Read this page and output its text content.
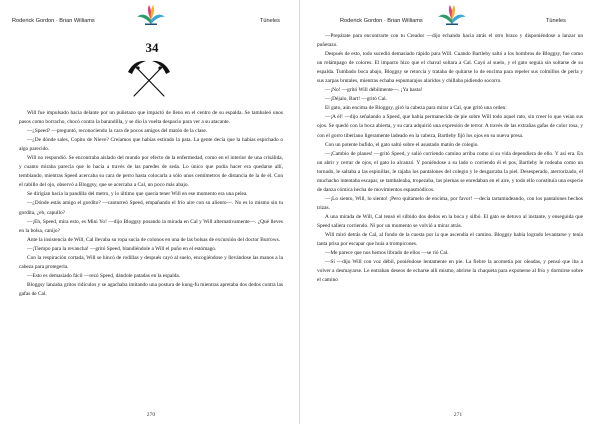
Roderick Gordon · Brian Williams	Túneles
34

Will fue impulsado hacia delante por un puñetazo que impactó de lleno en el centro de su espalda. Se tambaleó unos pasos como borracho, chocó contra la barandilla, y se dio la vuelta despacio para ver a su atacante.

—¿Speed? —preguntó, reconociendo la cara de pocos amigos del matón de la clase.

—¿De dónde sales, Copito de Nieve? Creíamos que habías estirado la pata. La gente decía que la habías espichado o algo parecido.

Will no respondió. Se encontraba aislado del mundo por efecto de la enfermedad, como en el interior de una crisálida, y cuanto miraba parecía que lo hacía a través de las paredes de seda. Lo único que podía hacer era quedarse allí, temblando, mientras Speed acercaba su cara de perro hasta colocarla a sólo unos centímetros de distancia de la de él. Con el rabillo del ojo, observó a Bloggsy, que se acercaba a Cal, un poco más abajo.

Se dirigían hacia la pandilla del metro, y lo último que quería tener Will en ese momento era una pelea.

—¿Dónde estás amigo el gordito? —canturreó Speed, empañando el frío aire con su aliento—. No es lo mismo sin tu gordita, ¿eh, capullo?

—¡Eh, Speed, mira esto, es Mini Yo! —dijo Bloggsy posando la mirada en Cal y Will alternativamente—. ¿Qué lleves en la bolsa, canijo?

Ante la insistencia de Will, Cal llevaba su ropa sucia de colonos en una de las bolsas de excursión del doctor Burrows.

—¡Tiempo para la revancha! —gritó Speed, blandiéndole a Will el puño en el estómago.

Con la respiración cortada, Will se hincó de rodillas y después cayó al suelo, encogiéndose y llevándose las manos a la cabeza para protegerla.

—Esto es demasiado fácil —rezó Speed, dándole patadas en la espalda.

Bloggsy lanzaba gritos ridículos y se agachaba imitando una postura de kung-fu mientras apretaba dos dedos contra las gafas de Cal.

270
Roderick Gordon · Brian Williams	Túneles

—Prepárate para encontrarte con tu Creador —dijo echando hacia atrás el otro brazo y disponiéndose a lanzar un puñetazo.

Después de esto, todo sucedió demasiado rápido para Will. Cuando Bartleby saltó a los hombros de Bloggsy, fue como un relámpago de colores. El impacto hizo que el chaval soltara a Cal. Cayó al suelo, y el gato seguía sin soltarse de su espalda. Tumbado boca abajo, Bloggsy se retorcía y trataba de quitarse lo de encima para repeler sus colmillos de perla y sus zarpas brutales, mientras echaba espumarajos alaridos y chillaba pidiendo socorro.

—¡No! —gritó Will débilmente—. ¡Ya basta!

—¡Déjalo, Bart! —gritó Cal.

El gato, aún encima de Bloggsy, giró la cabeza para mirar a Cal, que gritó una orden:

—¡A él! —dijo señalando a Speed, que había permanecido de pie sobre Will todo aquel rato, sin creer lo que veían sus ojos. Se quedó con la boca abierta, y su cara adquirió una expresión de terror. A través de las extrañas gafas de color rosa, y con el gorro tiberiano ligeramente ladeado en la cabeza, Bartleby fijó los ojos en su nueva presa.

Con un potente bufido, el gato saltó sobre el asustado matón de colegio.

—¡Cambio de planes! —gritó Speed, y salió corriendo camino arriba como si su vida dependiera de ello. Y así era. En un abrir y cerrar de ojos, el gato lo alcanzó. Y poniéndose a su lado o corriendo él el pos, Bartleby le rodeaba como un tornado, le saltaba a las espinillas, le rajaba los pantalones del colegio y le desgarraba la piel. Desesperado, aterrorizado, el muchacho intentaba escapar, se tambaleaba, tropezaba, las piernas se enredaban en el aire, y todo ello constituía una especie de danza cómica hecha de movimientos espasmódicos.

—¡Lo siento, Will, lo siento! ¡Pero quítamelo de encima, por favor! —decía tartamudeando, con los pantalones hechos trizas.

A una mirada de Will, Cal tensó el silbido dos dedos en la boca y silbó. El gato se detuvo al instante, y enseguida que Speed saliera corriendo. Ni por un momento se volvió a mirar atrás.

Will miró detrás de Cal, al fondo de la cuesta por la que ascendía el camino. Bloggsy había logrado levantarse y tenía tanta prisa por escapar que huía a trompicones.

—Me parece que nos hemos librado de ellos —se rió Cal.

—Sí —dijo Will con voz débil, poniéndose lentamente en pie. La fiebre la acometía por oleadas, y pensó que iba a volver a desmayarse. Le entraban deseos de echarse allí mismo, abrirse la chaqueta para exponerse al frío y dormirse sobre el camino

271
